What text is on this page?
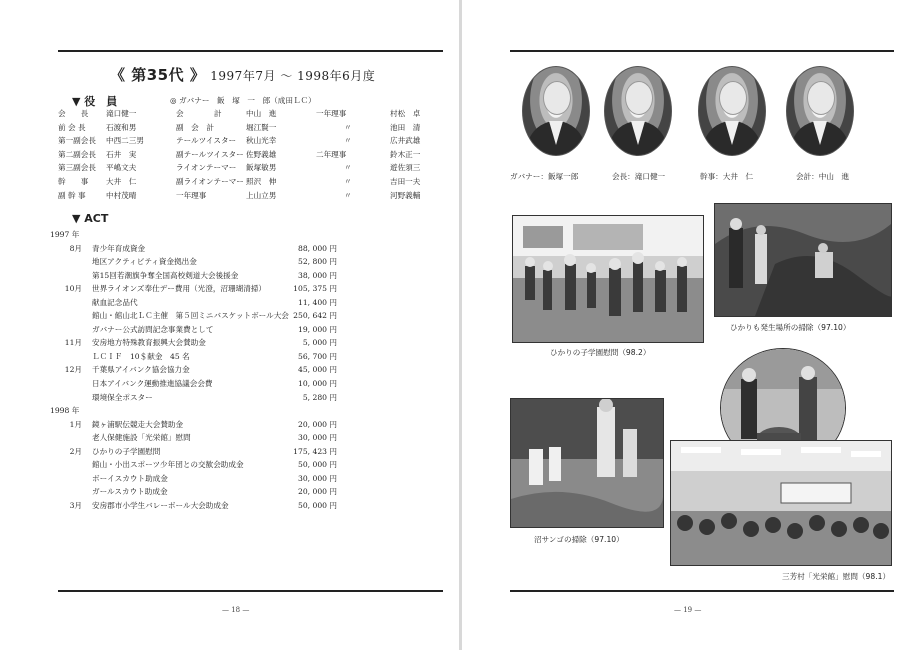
《 第35代 》 1997年7月 ～ 1998年6月度
▼ 役　員	◎ ガバナー　飯　塚　一　郎（成田ＬＣ）
会　　長 滝口健一	会　　　　計	中山　進	一年理事	村松　卓
前 会 長	石渡和男	副　会　計	堀江賢一	〃	池田　清
第一副会長 中西二三男	テールツイスター 秋山光幸	〃	広井武雄
第二副会長 石井　実	副テールツイスター 佐野義雄	二年理事	鈴木正一
第三副会長 平嶋文夫	ライオンテーマー 飯塚敏男	〃	遊佐須三
幹　　事 大井　仁	副ライオンテーマー 照沢　伸	〃	吉田一夫
副 幹 事	中村茂晴	一年理事	上山立男	〃	河野義輔
▼ ACT
1997 年
8月 青少年育成資金	88, 000 円
地区アクティビティ資金拠出金	52, 800 円
第15回若潮旗争奪全国高校剣道大会後援金	38, 000 円
10月 世界ライオンズ奉仕デー費用（光澄，沼珊瑚清掃）	105, 375 円
献血記念品代	11, 400 円
館山・館山北ＬＣ主催　第５回ミニバスケットボール大会 250, 642 円
ガバナー公式訪問記念事業費として	19, 000 円
11月 安房地方特殊教育振興大会賛助金	5, 000 円
ＬＣＩＦ　10＄献金　45 名	56, 700 円
12月 千葉県アイバンク協会協力金	45, 000 円
日本アイバンク運動推進協議会会費	10, 000 円
環境保全ポスター	5, 280 円
1998 年
1月 鏡ヶ浦駅伝競走大会賛助金	20, 000 円
老人保健施設「光栄館」慰問	30, 000 円
2月 ひかりの子学園慰問	175, 423 円
館山・小出スポーツ少年団との交歓会助成金	50, 000 円
ボーイスカウト助成金	30, 000 円
ガールスカウト助成金	20, 000 円
3月 安房郡市小学生バレーボール大会助成金	50, 000 円
— 18 —
ガバナー：飯塚一郎	会長：滝口健一	幹事：大井　仁	会計：中山　進
ひかりの子学園慰問（98.2）
ひかりも発生場所の掃除（97.10）
沼サンゴの掃除（97.10）
三芳村「光栄館」慰問（98.1）
— 19 —
